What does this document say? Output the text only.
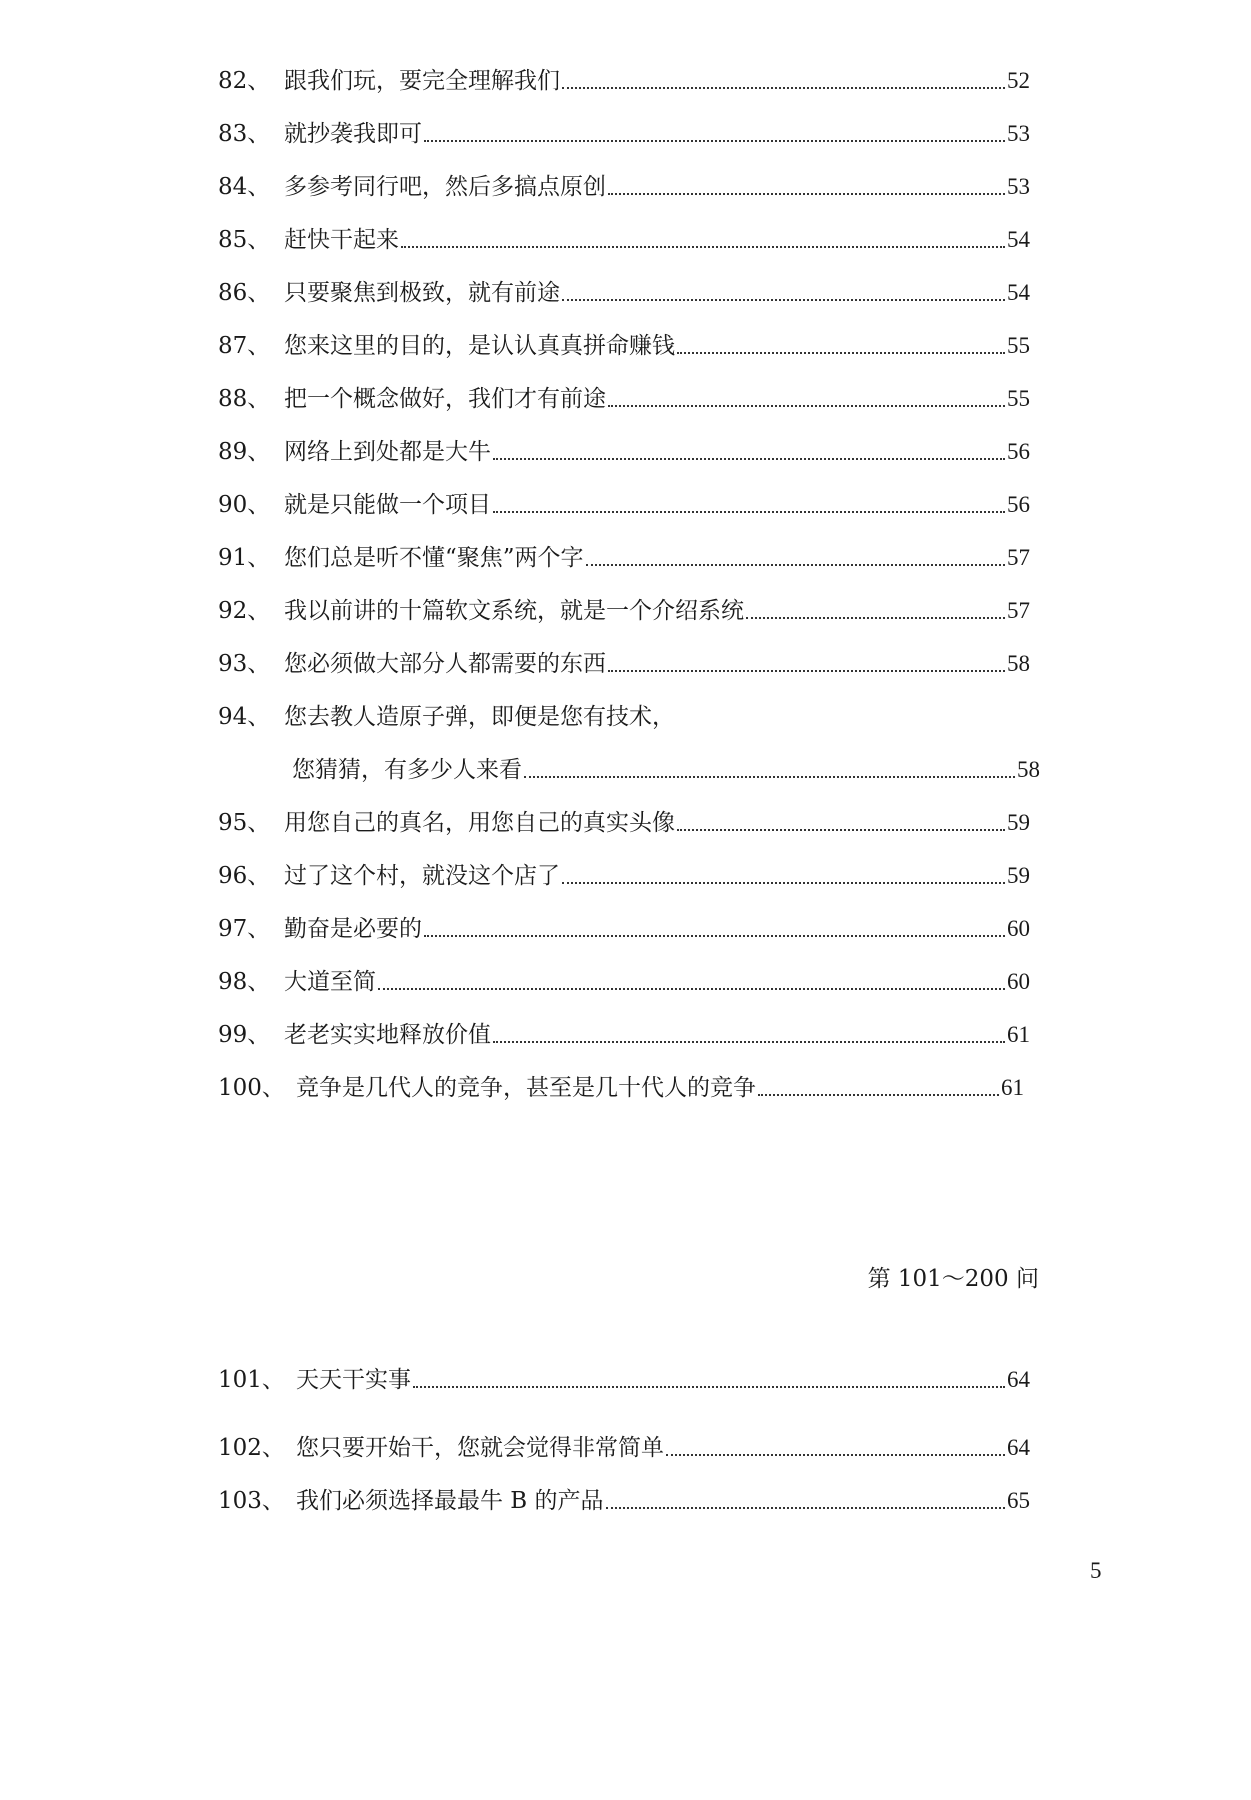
82、 跟我们玩，要完全理解我们	52
83、 就抄袭我即可	53
84、 多参考同行吧，然后多搞点原创	53
85、 赶快干起来	54
86、 只要聚焦到极致，就有前途	54
87、 您来这里的目的，是认认真真拼命赚钱	55
88、 把一个概念做好，我们才有前途	55
89、 网络上到处都是大牛	56
90、 就是只能做一个项目	56
91、 您们总是听不懂“聚焦”两个字	57
92、 我以前讲的十篇软文系统，就是一个介绍系统	57
93、 您必须做大部分人都需要的东西	58
94、 您去教人造原子弹，即便是您有技术，
您猜猜，有多少人来看	58
95、 用您自己的真名，用您自己的真实头像	59
96、 过了这个村，就没这个店了	59
97、 勤奋是必要的	60
98、 大道至简	60
99、 老老实实地释放价值	61
100、 竞争是几代人的竞争，甚至是几十代人的竞争	61
第 101～200 问
101、 天天干实事	64
102、 您只要开始干，您就会觉得非常简单	64
103、 我们必须选择最最牛 B 的产品	65
5
